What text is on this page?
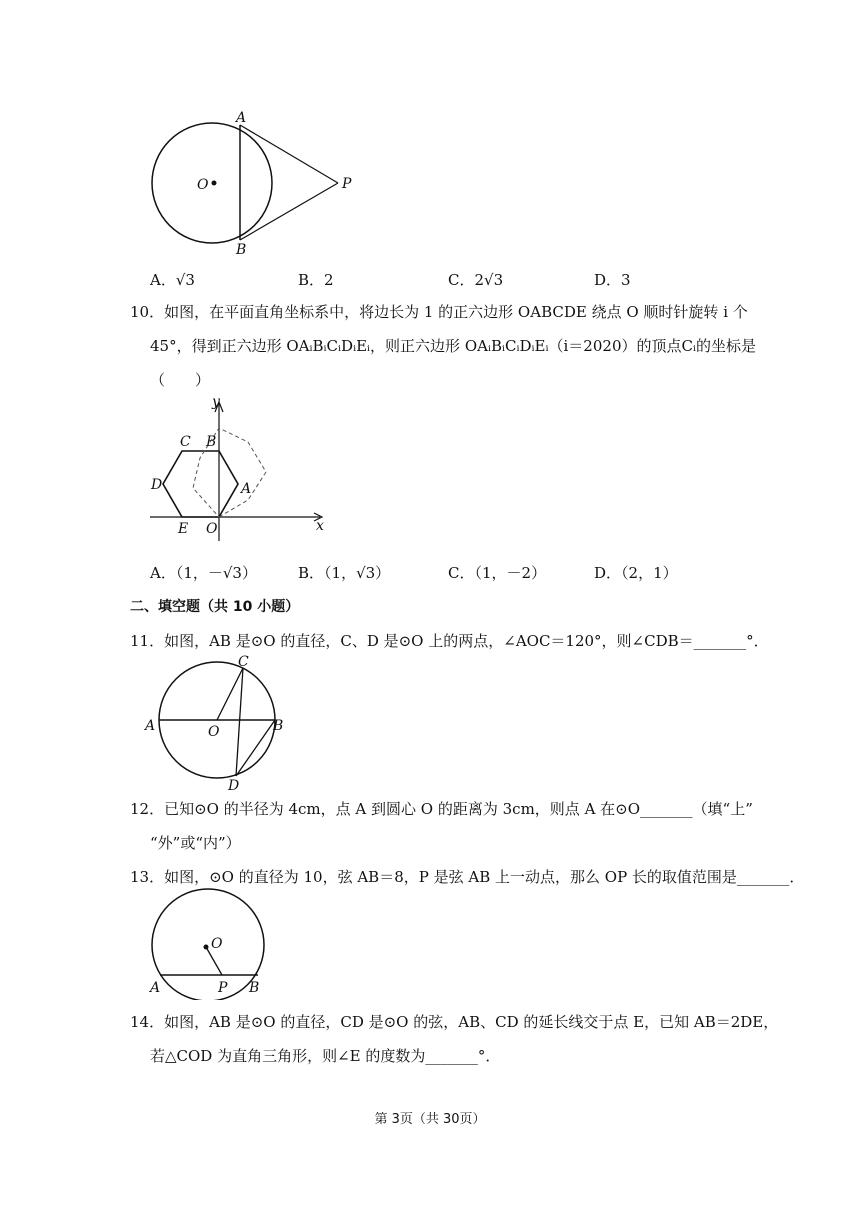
A
B
O	P
A．√3	B．2	C．2√3	D．3
10．如图，在平面直角坐标系中，将边长为 1 的正六边形 OABCDE 绕点 O 顺时针旋转 i 个
45°，得到正六边形 OAᵢBᵢCᵢDᵢEᵢ，则正六边形 OAᵢBᵢCᵢDᵢEᵢ（i＝2020）的顶点Cᵢ的坐标是
（　　）
y
x
C B
D	A
E O
A．（1，－√3）	B．（1，√3）	C．（1，－2）	D．（2，1）
二、填空题（共 10 小题）
11．如图，AB 是⊙O 的直径，C、D 是⊙O 上的两点，∠AOC＝120°，则∠CDB＝_______°．
C
A	O	B
D
12．已知⊙O 的半径为 4cm，点 A 到圆心 O 的距离为 3cm，则点 A 在⊙O_______（填“上”
“外”或“内”）
13．如图，⊙O 的直径为 10，弦 AB＝8，P 是弦 AB 上一动点，那么 OP 长的取值范围是_______．
O
A	P B
14．如图，AB 是⊙O 的直径，CD 是⊙O 的弦，AB、CD 的延长线交于点 E，已知 AB＝2DE，
若△COD 为直角三角形，则∠E 的度数为_______°．
第 3页（共 30页）
